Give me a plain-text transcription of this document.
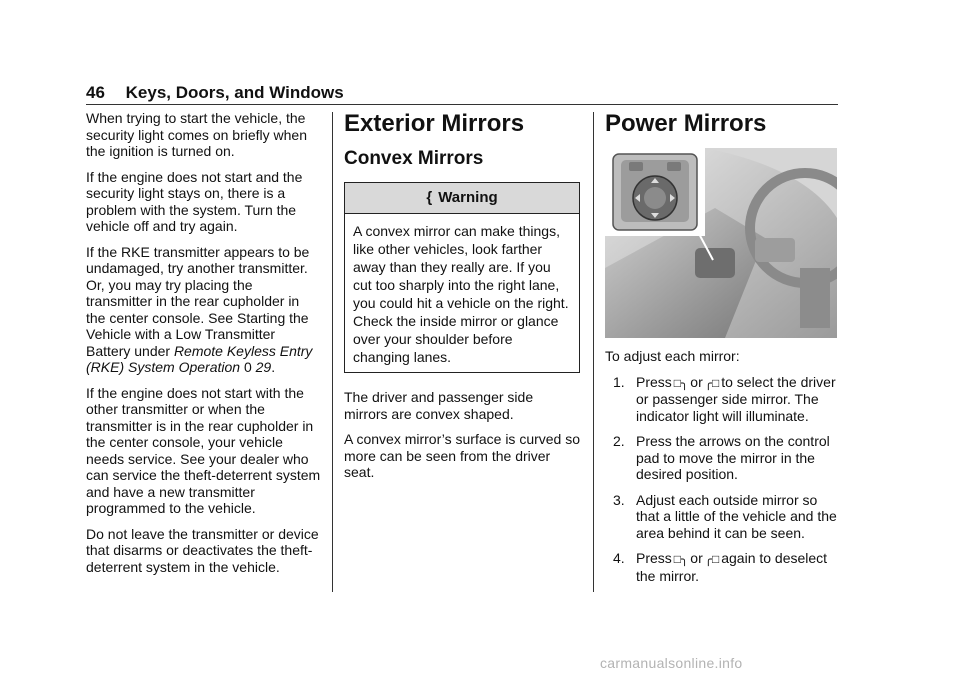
46 Keys, Doors, and Windows

When trying to start the vehicle, the security light comes on briefly when the ignition is turned on.

If the engine does not start and the security light stays on, there is a problem with the system. Turn the vehicle off and try again.

If the RKE transmitter appears to be undamaged, try another transmitter. Or, you may try placing the transmitter in the rear cupholder in the center console. See Starting the Vehicle with a Low Transmitter Battery under Remote Keyless Entry (RKE) System Operation 0 29.

If the engine does not start with the other transmitter or when the transmitter is in the rear cupholder in the center console, your vehicle needs service. See your dealer who can service the theft-deterrent system and have a new transmitter programmed to the vehicle.

Do not leave the transmitter or device that disarms or deactivates the theft-deterrent system in the vehicle.

Exterior Mirrors
Convex Mirrors
{ Warning
A convex mirror can make things, like other vehicles, look farther away than they really are. If you cut too sharply into the right lane, you could hit a vehicle on the right. Check the inside mirror or glance over your shoulder before changing lanes.

The driver and passenger side mirrors are convex shaped.

A convex mirror’s surface is curved so more can be seen from the driver seat.

Power Mirrors

To adjust each mirror:

1. Press □╮ or ╭□ to select the driver or passenger side mirror. The indicator light will illuminate.
2. Press the arrows on the control pad to move the mirror in the desired position.
3. Adjust each outside mirror so that a little of the vehicle and the area behind it can be seen.
4. Press □╮ or ╭□ again to deselect the mirror.
carmanualsonline.info
